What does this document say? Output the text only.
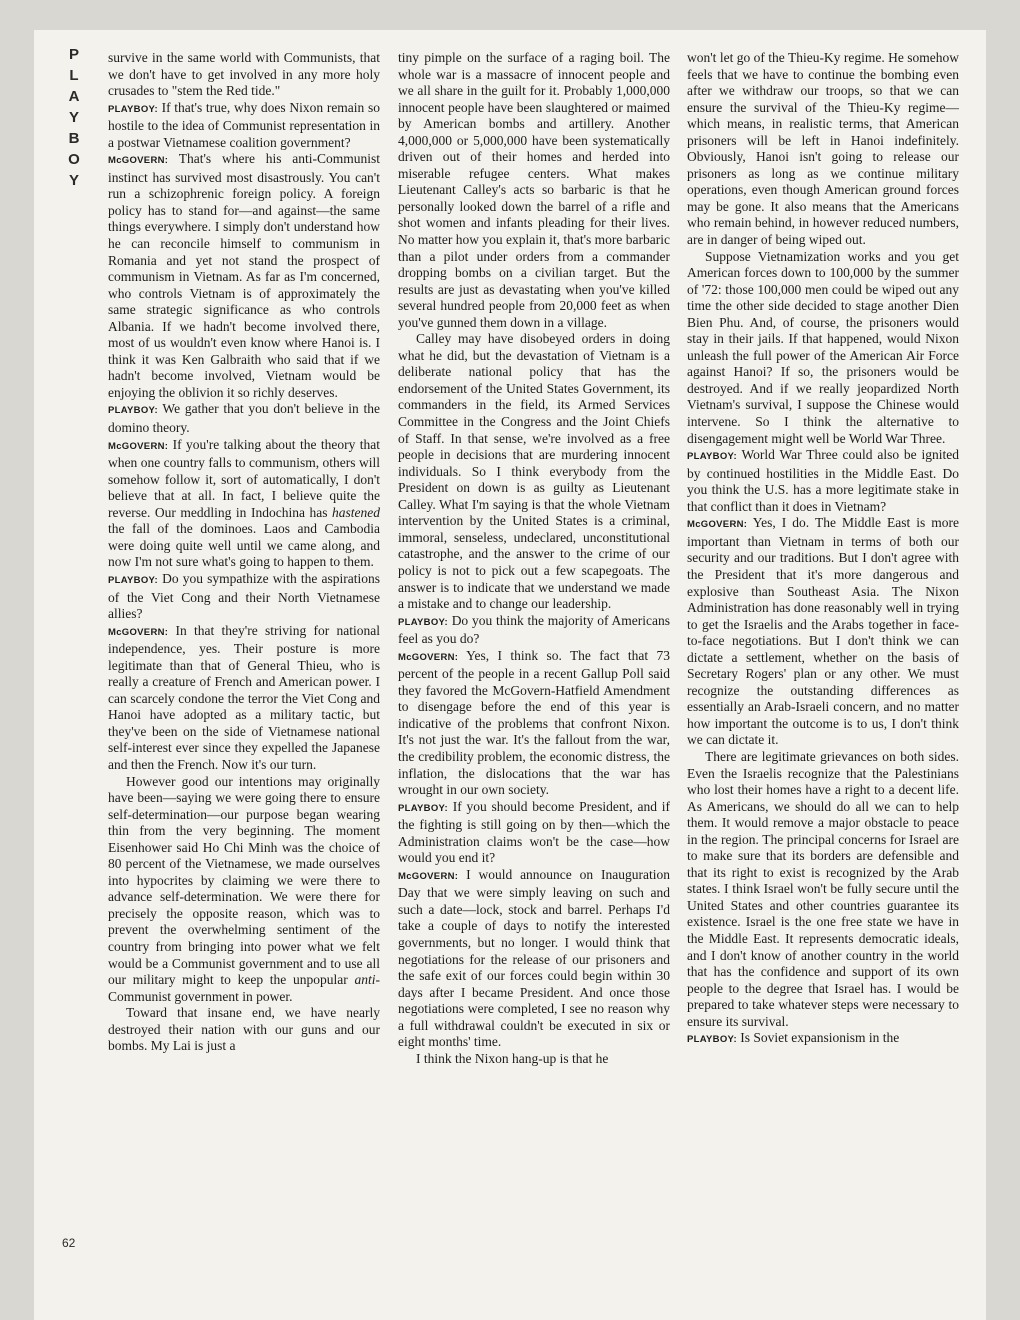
P
L
A
Y
B
O
Y

survive in the same world with Communists, that we don't have to get involved in any more holy crusades to "stem the Red tide."

PLAYBOY: If that's true, why does Nixon remain so hostile to the idea of Communist representation in a postwar Vietnamese coalition government?

McGOVERN: That's where his anti-Communist instinct has survived most disastrously. You can't run a schizophrenic foreign policy. A foreign policy has to stand for—and against—the same things everywhere. I simply don't understand how he can reconcile himself to communism in Romania and yet not stand the prospect of communism in Vietnam. As far as I'm concerned, who controls Vietnam is of approximately the same strategic significance as who controls Albania. If we hadn't become involved there, most of us wouldn't even know where Hanoi is. I think it was Ken Galbraith who said that if we hadn't become involved, Vietnam would be enjoying the oblivion it so richly deserves.

PLAYBOY: We gather that you don't believe in the domino theory.

McGOVERN: If you're talking about the theory that when one country falls to communism, others will somehow follow it, sort of automatically, I don't believe that at all. In fact, I believe quite the reverse. Our meddling in Indochina has hastened the fall of the dominoes. Laos and Cambodia were doing quite well until we came along, and now I'm not sure what's going to happen to them.

PLAYBOY: Do you sympathize with the aspirations of the Viet Cong and their North Vietnamese allies?

McGOVERN: In that they're striving for national independence, yes. Their posture is more legitimate than that of General Thieu, who is really a creature of French and American power. I can scarcely condone the terror the Viet Cong and Hanoi have adopted as a military tactic, but they've been on the side of Vietnamese national self-interest ever since they expelled the Japanese and then the French. Now it's our turn.

However good our intentions may originally have been—saying we were going there to ensure self-determination—our purpose began wearing thin from the very beginning. The moment Eisenhower said Ho Chi Minh was the choice of 80 percent of the Vietnamese, we made ourselves into hypocrites by claiming we were there to advance self-determination. We were there for precisely the opposite reason, which was to prevent the overwhelming sentiment of the country from bringing into power what we felt would be a Communist government and to use all our military might to keep the unpopular anti-Communist government in power.

Toward that insane end, we have nearly destroyed their nation with our guns and our bombs. My Lai is just a

tiny pimple on the surface of a raging boil. The whole war is a massacre of innocent people and we all share in the guilt for it. Probably 1,000,000 innocent people have been slaughtered or maimed by American bombs and artillery. Another 4,000,000 or 5,000,000 have been systematically driven out of their homes and herded into miserable refugee centers. What makes Lieutenant Calley's acts so barbaric is that he personally looked down the barrel of a rifle and shot women and infants pleading for their lives. No matter how you explain it, that's more barbaric than a pilot under orders from a commander dropping bombs on a civilian target. But the results are just as devastating when you've killed several hundred people from 20,000 feet as when you've gunned them down in a village.

Calley may have disobeyed orders in doing what he did, but the devastation of Vietnam is a deliberate national policy that has the endorsement of the United States Government, its commanders in the field, its Armed Services Committee in the Congress and the Joint Chiefs of Staff. In that sense, we're involved as a free people in decisions that are murdering innocent individuals. So I think everybody from the President on down is as guilty as Lieutenant Calley. What I'm saying is that the whole Vietnam intervention by the United States is a criminal, immoral, senseless, undeclared, unconstitutional catastrophe, and the answer to the crime of our policy is not to pick out a few scapegoats. The answer is to indicate that we understand we made a mistake and to change our leadership.

PLAYBOY: Do you think the majority of Americans feel as you do?

McGOVERN: Yes, I think so. The fact that 73 percent of the people in a recent Gallup Poll said they favored the McGovern-Hatfield Amendment to disengage before the end of this year is indicative of the problems that confront Nixon. It's not just the war. It's the fallout from the war, the credibility problem, the economic distress, the inflation, the dislocations that the war has wrought in our own society.

PLAYBOY: If you should become President, and if the fighting is still going on by then—which the Administration claims won't be the case—how would you end it?

McGOVERN: I would announce on Inauguration Day that we were simply leaving on such and such a date—lock, stock and barrel. Perhaps I'd take a couple of days to notify the interested governments, but no longer. I would think that negotiations for the release of our prisoners and the safe exit of our forces could begin within 30 days after I became President. And once those negotiations were completed, I see no reason why a full withdrawal couldn't be executed in six or eight months' time.

I think the Nixon hang-up is that he

won't let go of the Thieu-Ky regime. He somehow feels that we have to continue the bombing even after we withdraw our troops, so that we can ensure the survival of the Thieu-Ky regime—which means, in realistic terms, that American prisoners will be left in Hanoi indefinitely. Obviously, Hanoi isn't going to release our prisoners as long as we continue military operations, even though American ground forces may be gone. It also means that the Americans who remain behind, in however reduced numbers, are in danger of being wiped out.

Suppose Vietnamization works and you get American forces down to 100,000 by the summer of '72: those 100,000 men could be wiped out any time the other side decided to stage another Dien Bien Phu. And, of course, the prisoners would stay in their jails. If that happened, would Nixon unleash the full power of the American Air Force against Hanoi? If so, the prisoners would be destroyed. And if we really jeopardized North Vietnam's survival, I suppose the Chinese would intervene. So I think the alternative to disengagement might well be World War Three.

PLAYBOY: World War Three could also be ignited by continued hostilities in the Middle East. Do you think the U.S. has a more legitimate stake in that conflict than it does in Vietnam?

McGOVERN: Yes, I do. The Middle East is more important than Vietnam in terms of both our security and our traditions. But I don't agree with the President that it's more dangerous and explosive than Southeast Asia. The Nixon Administration has done reasonably well in trying to get the Israelis and the Arabs together in face-to-face negotiations. But I don't think we can dictate a settlement, whether on the basis of Secretary Rogers' plan or any other. We must recognize the outstanding differences as essentially an Arab-Israeli concern, and no matter how important the outcome is to us, I don't think we can dictate it.

There are legitimate grievances on both sides. Even the Israelis recognize that the Palestinians who lost their homes have a right to a decent life. As Americans, we should do all we can to help them. It would remove a major obstacle to peace in the region. The principal concerns for Israel are to make sure that its borders are defensible and that its right to exist is recognized by the Arab states. I think Israel won't be fully secure until the United States and other countries guarantee its existence. Israel is the one free state we have in the Middle East. It represents democratic ideals, and I don't know of another country in the world that has the confidence and support of its own people to the degree that Israel has. I would be prepared to take whatever steps were necessary to ensure its survival.

PLAYBOY: Is Soviet expansionism in the

62
